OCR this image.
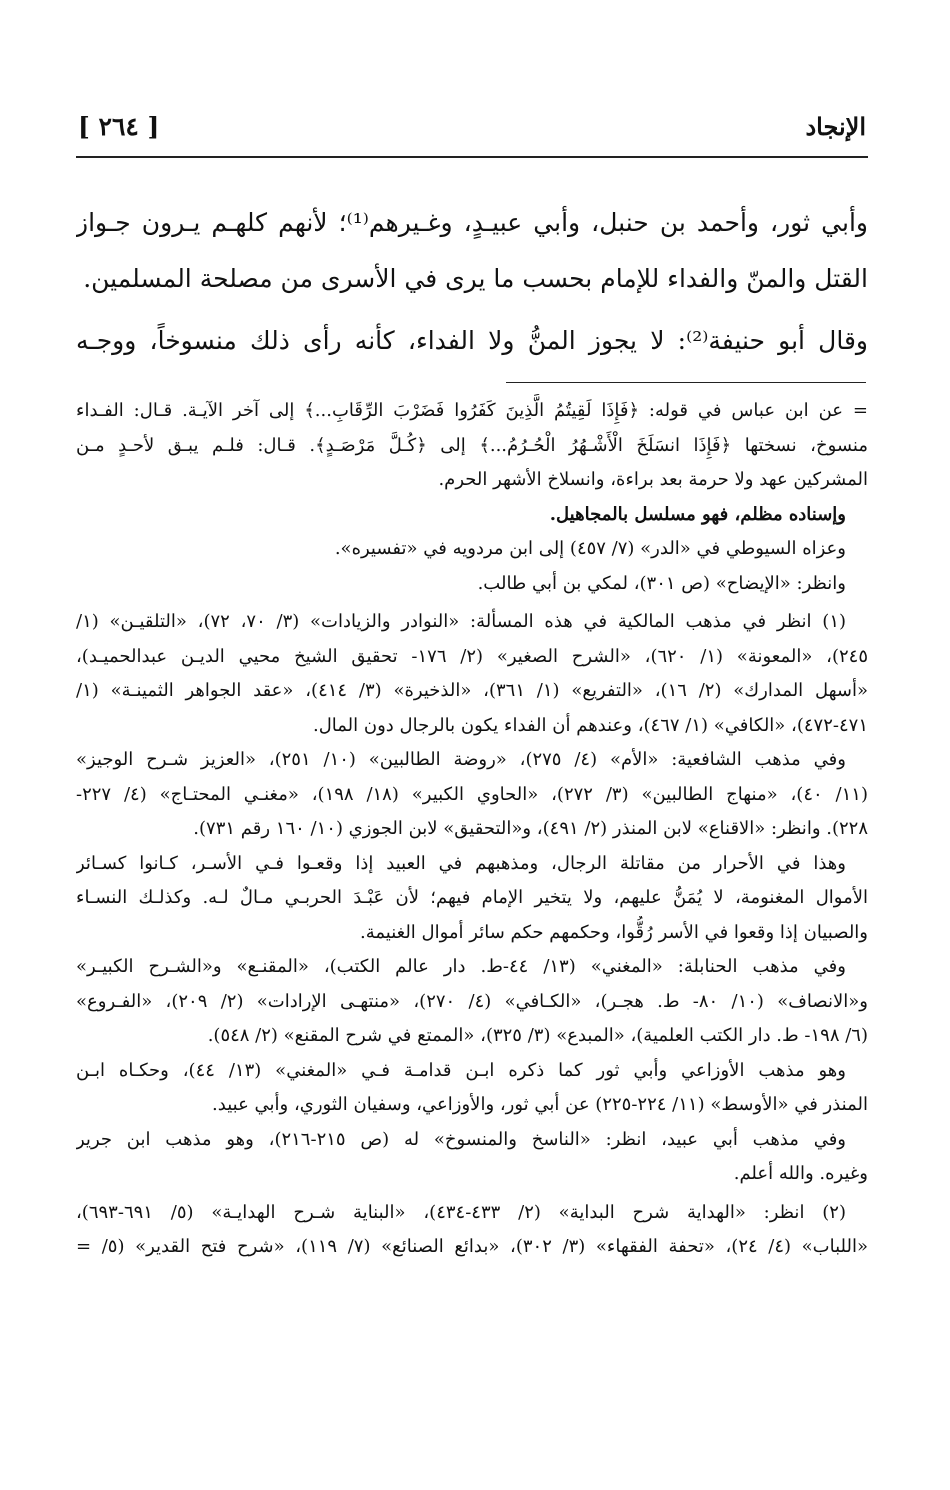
[ ٢٦٤ ]	الإنجاد
وأبي ثور، وأحمد بن حنبل، وأبي عبيـدٍ، وغـيرهم⁽¹⁾؛ لأنهم كلهـم يـرون جـواز
القتل والمنّ والفداء للإمام بحسب ما يرى في الأسرى من مصلحة المسلمين.
وقال أبو حنيفة⁽²⁾: لا يجوز المنُّ ولا الفداء، كأنه رأى ذلك منسوخاً، ووجـه
= عن ابن عباس في قوله: ﴿فَإِذَا لَقِيتُمُ الَّذِينَ كَفَرُوا فَضَرْبَ الرِّقَابِ...﴾ إلى آخر الآيـة. قـال: الفـداء
منسوخ، نسختها ﴿فَإِذَا انسَلَخَ الْأَشْـهُرُ الْحُـرُمُ...﴾ إلى ﴿كُـلَّ مَرْصَـدٍ﴾. قـال: فلـم يبـق لأحـدٍ مـن
المشركين عهد ولا حرمة بعد براءة، وانسلاخ الأشهر الحرم.
وإسناده مظلم، فهو مسلسل بالمجاهيل.
وعزاه السيوطي في «الدر» (٧/ ٤٥٧) إلى ابن مردويه في «تفسيره».
وانظر: «الإيضاح» (ص ٣٠١)، لمكي بن أبي طالب.
(١) انظر في مذهب المالكية في هذه المسألة: «النوادر والزيادات» (٣/ ٧٠، ٧٢)، «التلقيـن» (١/
٢٤٥)، «المعونة» (١/ ٦٢٠)، «الشرح الصغير» (٢/ ١٧٦- تحقيق الشيخ محيي الديـن عبدالحميـد)،
«أسهل المدارك» (٢/ ١٦)، «التفريع» (١/ ٣٦١)، «الذخيرة» (٣/ ٤١٤)، «عقد الجواهر الثمينـة» (١/
٤٧١-٤٧٢)، «الكافي» (١/ ٤٦٧)، وعندهم أن الفداء يكون بالرجال دون المال.
وفي مذهب الشافعية: «الأم» (٤/ ٢٧٥)، «روضة الطالبين» (١٠/ ٢٥١)، «العزيز شـرح الوجيز»
(١١/ ٤٠)، «منهاج الطالبين» (٣/ ٢٧٢)، «الحاوي الكبير» (١٨/ ١٩٨)، «مغنـي المحتـاج» (٤/ ٢٢٧-
٢٢٨). وانظر: «الاقناع» لابن المنذر (٢/ ٤٩١)، و«التحقيق» لابن الجوزي (١٠/ ١٦٠ رقم ٧٣١).
وهذا في الأحرار من مقاتلة الرجال، ومذهبهم في العبيد إذا وقعـوا فـي الأسـر، كـانوا كسـائر
الأموال المغنومة، لا يُمَنُّ عليهم، ولا يتخير الإمام فيهم؛ لأن عَبْـدَ الحربـي مـالٌ لـه. وكذلـك النسـاء
والصبيان إذا وقعوا في الأسر رُقُّوا، وحكمهم حكم سائر أموال الغنيمة.
وفي مذهب الحنابلة: «المغني» (١٣/ ٤٤-ط. دار عالم الكتب)، «المقنـع» و«الشـرح الكبيـر»
و«الانصاف» (١٠/ ٨٠- ط. هجـر)، «الكـافي» (٤/ ٢٧٠)، «منتهـى الإرادات» (٢/ ٢٠٩)، «الفـروع»
(٦/ ١٩٨- ط. دار الكتب العلمية)، «المبدع» (٣/ ٣٢٥)، «الممتع في شرح المقنع» (٢/ ٥٤٨).
وهو مذهب الأوزاعي وأبي ثور كما ذكره ابـن قدامـة فـي «المغني» (١٣/ ٤٤)، وحكـاه ابـن
المنذر في «الأوسط» (١١/ ٢٢٤-٢٢٥) عن أبي ثور، والأوزاعي، وسفيان الثوري، وأبي عبيد.
وفي مذهب أبي عبيد، انظر: «الناسخ والمنسوخ» له (ص ٢١٥-٢١٦)، وهو مذهب ابن جرير
وغيره. والله أعلم.
(٢) انظر: «الهداية شرح البداية» (٢/ ٤٣٣-٤٣٤)، «البناية شـرح الهدايـة» (٥/ ٦٩١-٦٩٣)،
«اللباب» (٤/ ٢٤)، «تحفة الفقهاء» (٣/ ٣٠٢)، «بدائع الصنائع» (٧/ ١١٩)، «شرح فتح القدير» (٥/ =
